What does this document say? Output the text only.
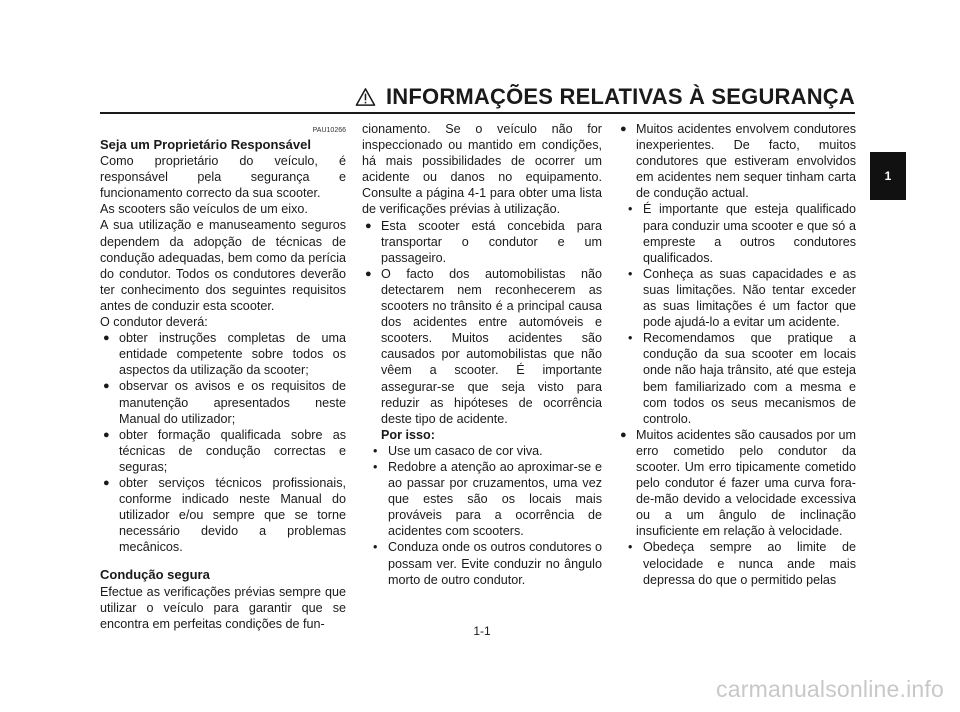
INFORMAÇÕES RELATIVAS À SEGURANÇA
1
PAU10266
Seja um Proprietário Responsável
Como proprietário do veículo, é responsável pela segurança e funcionamento correcto da sua scooter.
As scooters são veículos de um eixo.
A sua utilização e manuseamento seguros dependem da adopção de técnicas de condução adequadas, bem como da perícia do condutor. Todos os condutores deverão ter conhecimento dos seguintes requisitos antes de conduzir esta scooter.
O condutor deverá:
● obter instruções completas de uma entidade competente sobre todos os aspectos da utilização da scooter;
● observar os avisos e os requisitos de manutenção apresentados neste Manual do utilizador;
● obter formação qualificada sobre as técnicas de condução correctas e seguras;
● obter serviços técnicos profissionais, conforme indicado neste Manual do utilizador e/ou sempre que se torne necessário devido a problemas mecânicos.
Condução segura
Efectue as verificações prévias sempre que utilizar o veículo para garantir que se encontra em perfeitas condições de fun-
cionamento. Se o veículo não for inspeccionado ou mantido em condições, há mais possibilidades de ocorrer um acidente ou danos no equipamento. Consulte a página 4-1 para obter uma lista de verificações prévias à utilização.
● Esta scooter está concebida para transportar o condutor e um passageiro.
● O facto dos automobilistas não detectarem nem reconhecerem as scooters no trânsito é a principal causa dos acidentes entre automóveis e scooters. Muitos acidentes são causados por automobilistas que não vêem a scooter. É importante assegurar-se que seja visto para reduzir as hipóteses de ocorrência deste tipo de acidente.
Por isso:
• Use um casaco de cor viva.
• Redobre a atenção ao aproximar-se e ao passar por cruzamentos, uma vez que estes são os locais mais prováveis para a ocorrência de acidentes com scooters.
• Conduza onde os outros condutores o possam ver. Evite conduzir no ângulo morto de outro condutor.
● Muitos acidentes envolvem condutores inexperientes. De facto, muitos condutores que estiveram envolvidos em acidentes nem sequer tinham carta de condução actual.
• É importante que esteja qualificado para conduzir uma scooter e que só a empreste a outros condutores qualificados.
• Conheça as suas capacidades e as suas limitações. Não tentar exceder as suas limitações é um factor que pode ajudá-lo a evitar um acidente.
• Recomendamos que pratique a condução da sua scooter em locais onde não haja trânsito, até que esteja bem familiarizado com a mesma e com todos os seus mecanismos de controlo.
● Muitos acidentes são causados por um erro cometido pelo condutor da scooter. Um erro tipicamente cometido pelo condutor é fazer uma curva fora-de-mão devido a velocidade excessiva ou a um ângulo de inclinação insuficiente em relação à velocidade.
• Obedeça sempre ao limite de velocidade e nunca ande mais depressa do que o permitido pelas
1-1
carmanualsonline.info
